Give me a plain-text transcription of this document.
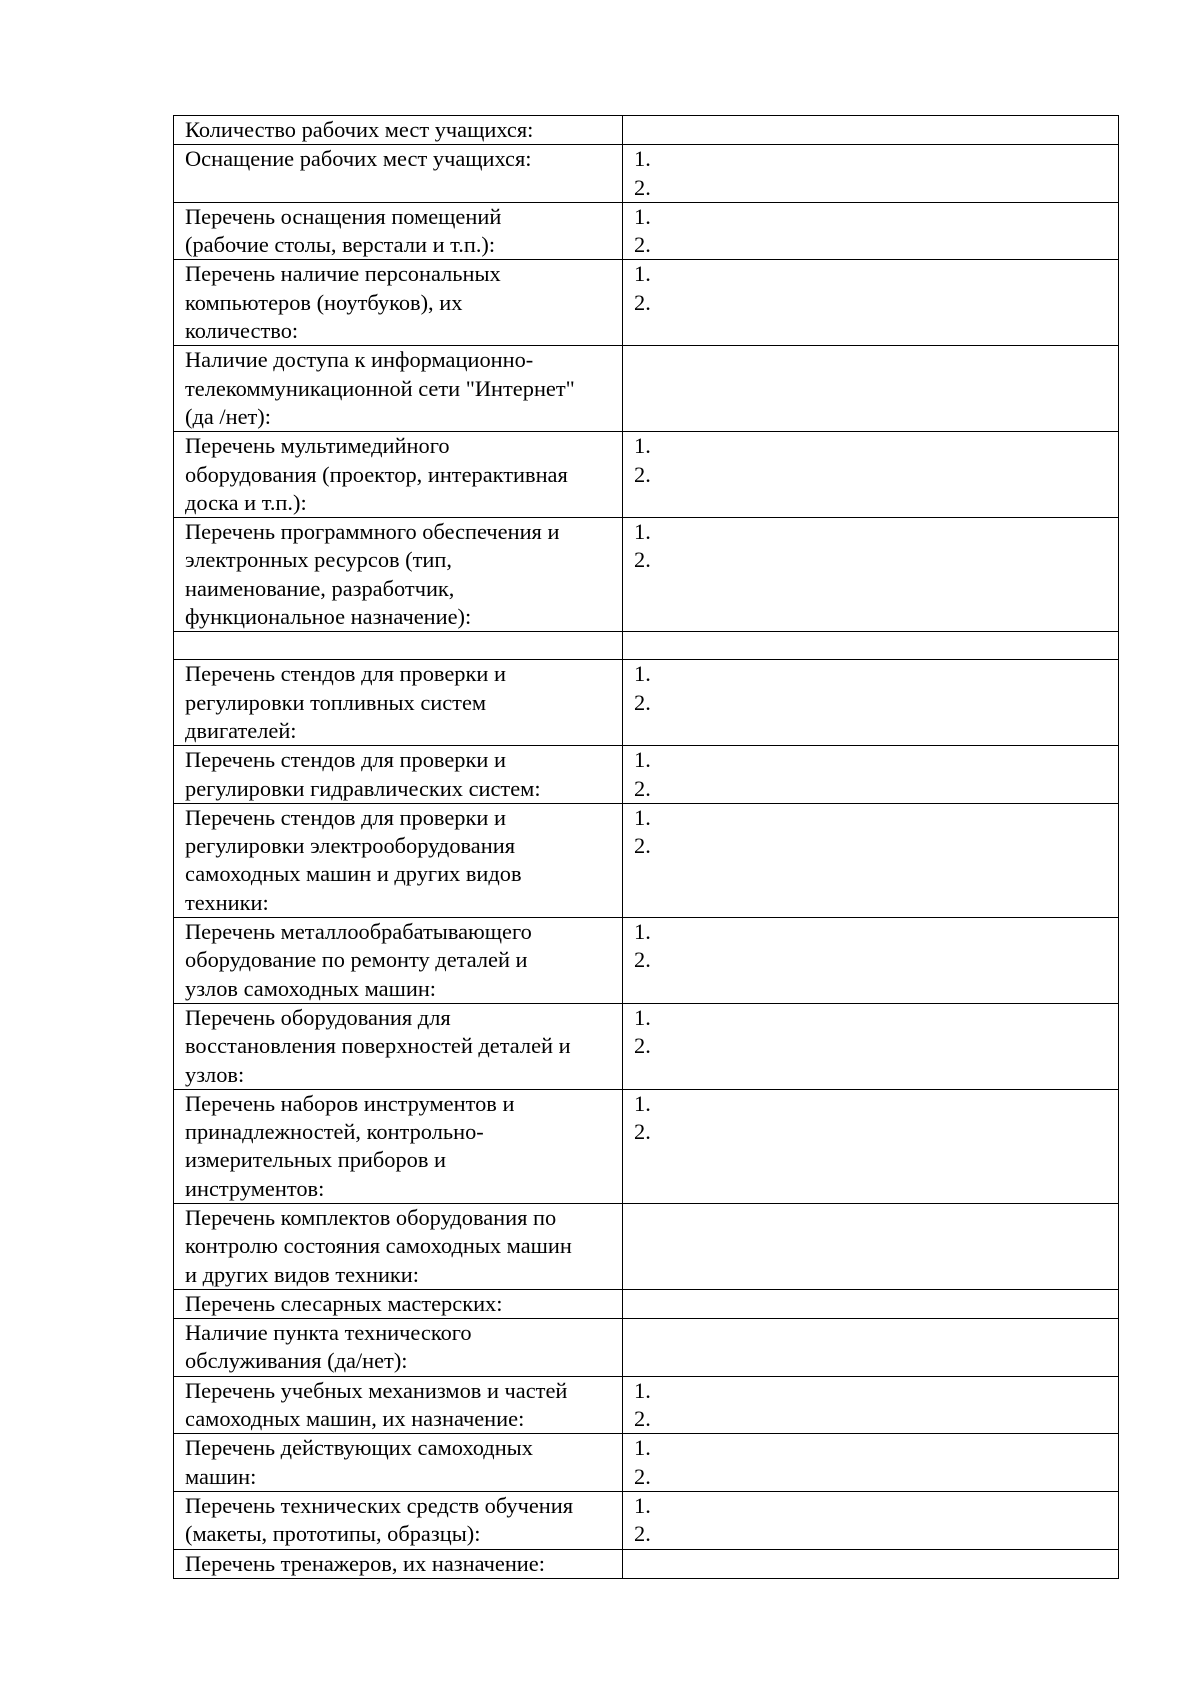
Количество рабочих мест учащихся:	
Оснащение рабочих мест учащихся:	1.
2.

Перечень оснащения помещений
(рабочие столы, верстали и т.п.):	1.
2.

Перечень наличие персональных
компьютеров (ноутбуков), их
количество:	1.
2.

Наличие доступа к информационно-
телекоммуникационной сети "Интернет"
(да /нет):	
Перечень мультимедийного
оборудования (проектор, интерактивная
доска и т.п.):	1.
2.

Перечень программного обеспечения и
электронных ресурсов (тип,
наименование, разработчик,
функциональное назначение):	1.
2.

Перечень стендов для проверки и
регулировки топливных систем
двигателей:	1.
2.

Перечень стендов для проверки и
регулировки гидравлических систем:	1.
2.

Перечень стендов для проверки и
регулировки электрооборудования
самоходных машин и других видов
техники:	1.
2.

Перечень металлообрабатывающего
оборудование по ремонту деталей и
узлов самоходных машин:	1.
2.

Перечень оборудования для
восстановления поверхностей деталей и
узлов:	1.
2.

Перечень наборов инструментов и
принадлежностей, контрольно-
измерительных приборов и
инструментов:	1.
2.

Перечень комплектов оборудования по
контролю состояния самоходных машин
и других видов техники:	
Перечень слесарных мастерских:	
Наличие пункта технического
обслуживания (да/нет):	
Перечень учебных механизмов и частей
самоходных машин, их назначение:	1.
2.

Перечень действующих самоходных
машин:	1.
2.

Перечень технических средств обучения
(макеты, прототипы, образцы):	1.
2.

Перечень тренажеров, их назначение:	
